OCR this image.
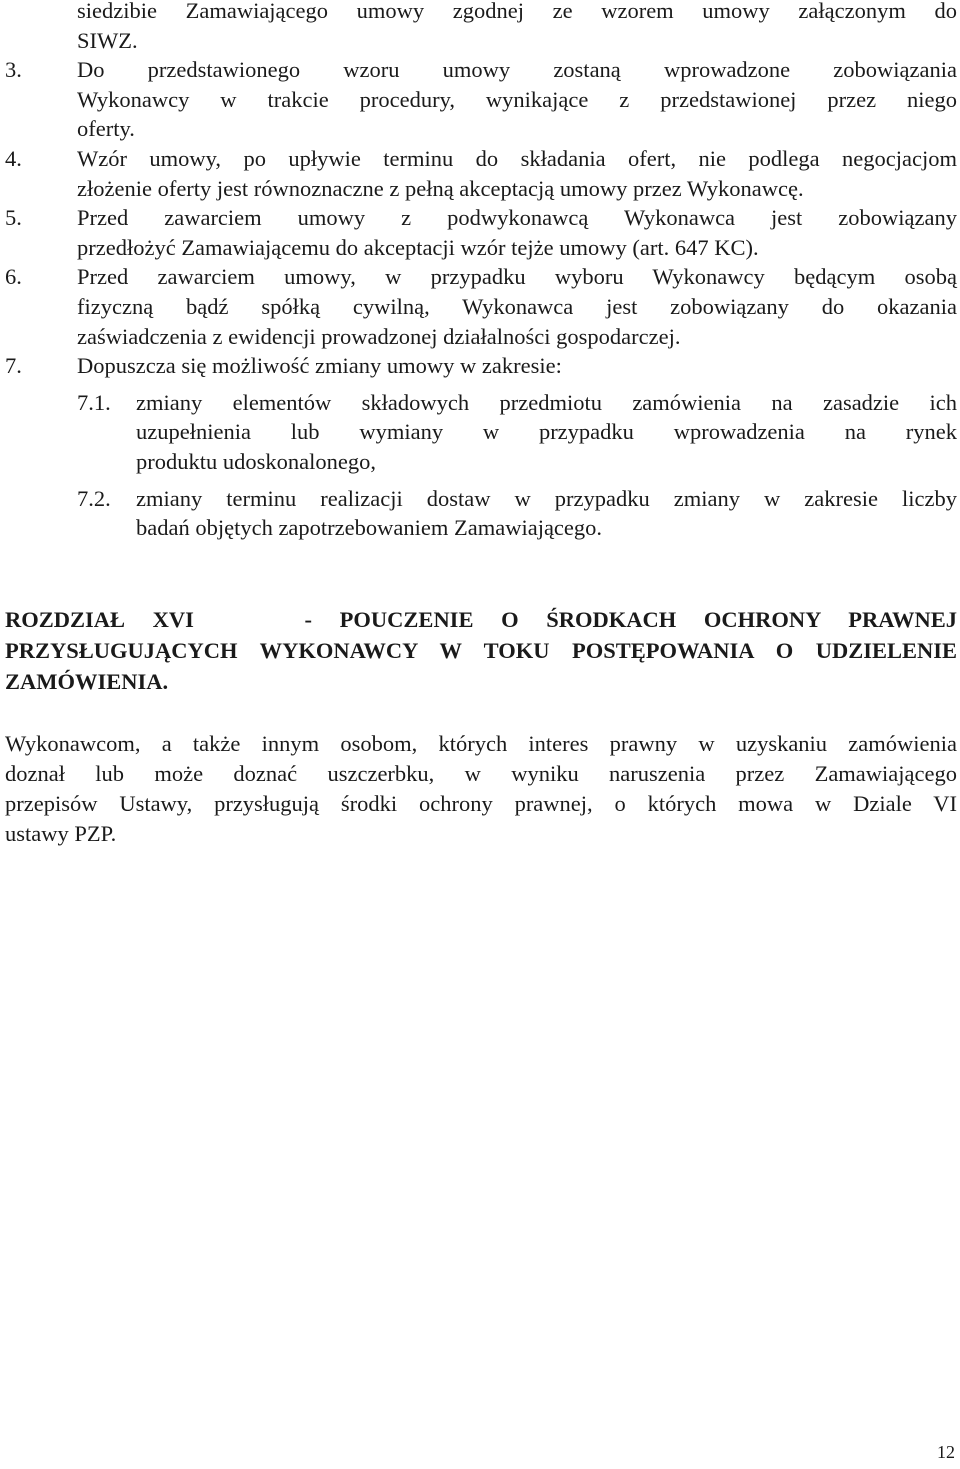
siedzibie Zamawiającego umowy zgodnej ze wzorem umowy załączonym do
SIWZ.
3. Do przedstawionego wzoru umowy zostaną wprowadzone zobowiązania
Wykonawcy w trakcie procedury, wynikające z przedstawionej przez niego
oferty.
4. Wzór umowy, po upływie terminu do składania ofert, nie podlega negocjacjom
złożenie oferty jest równoznaczne z pełną akceptacją umowy przez Wykonawcę.
5. Przed zawarciem umowy z podwykonawcą Wykonawca jest zobowiązany
przedłożyć Zamawiającemu do akceptacji wzór tejże umowy (art. 647 KC).
6. Przed zawarciem umowy, w przypadku wyboru Wykonawcy będącym osobą
fizyczną bądź spółką cywilną, Wykonawca jest zobowiązany do okazania
zaświadczenia z ewidencji prowadzonej działalności gospodarczej.
7. Dopuszcza się możliwość zmiany umowy w zakresie:
7.1. zmiany elementów składowych przedmiotu zamówienia na zasadzie ich
uzupełnienia lub wymiany w przypadku wprowadzenia na rynek
produktu udoskonalonego,
7.2. zmiany terminu realizacji dostaw w przypadku zmiany w zakresie liczby
badań objętych zapotrzebowaniem Zamawiającego.
ROZDZIAŁ XVI    - POUCZENIE O ŚRODKACH OCHRONY PRAWNEJ
PRZYSŁUGUJĄCYCH WYKONAWCY W TOKU POSTĘPOWANIA O UDZIELENIE
ZAMÓWIENIA.
Wykonawcom, a także innym osobom, których interes prawny w uzyskaniu zamówienia
doznał lub może doznać uszczerbku, w wyniku naruszenia przez Zamawiającego
przepisów Ustawy, przysługują środki ochrony prawnej, o których mowa w Dziale VI
ustawy PZP.
12
